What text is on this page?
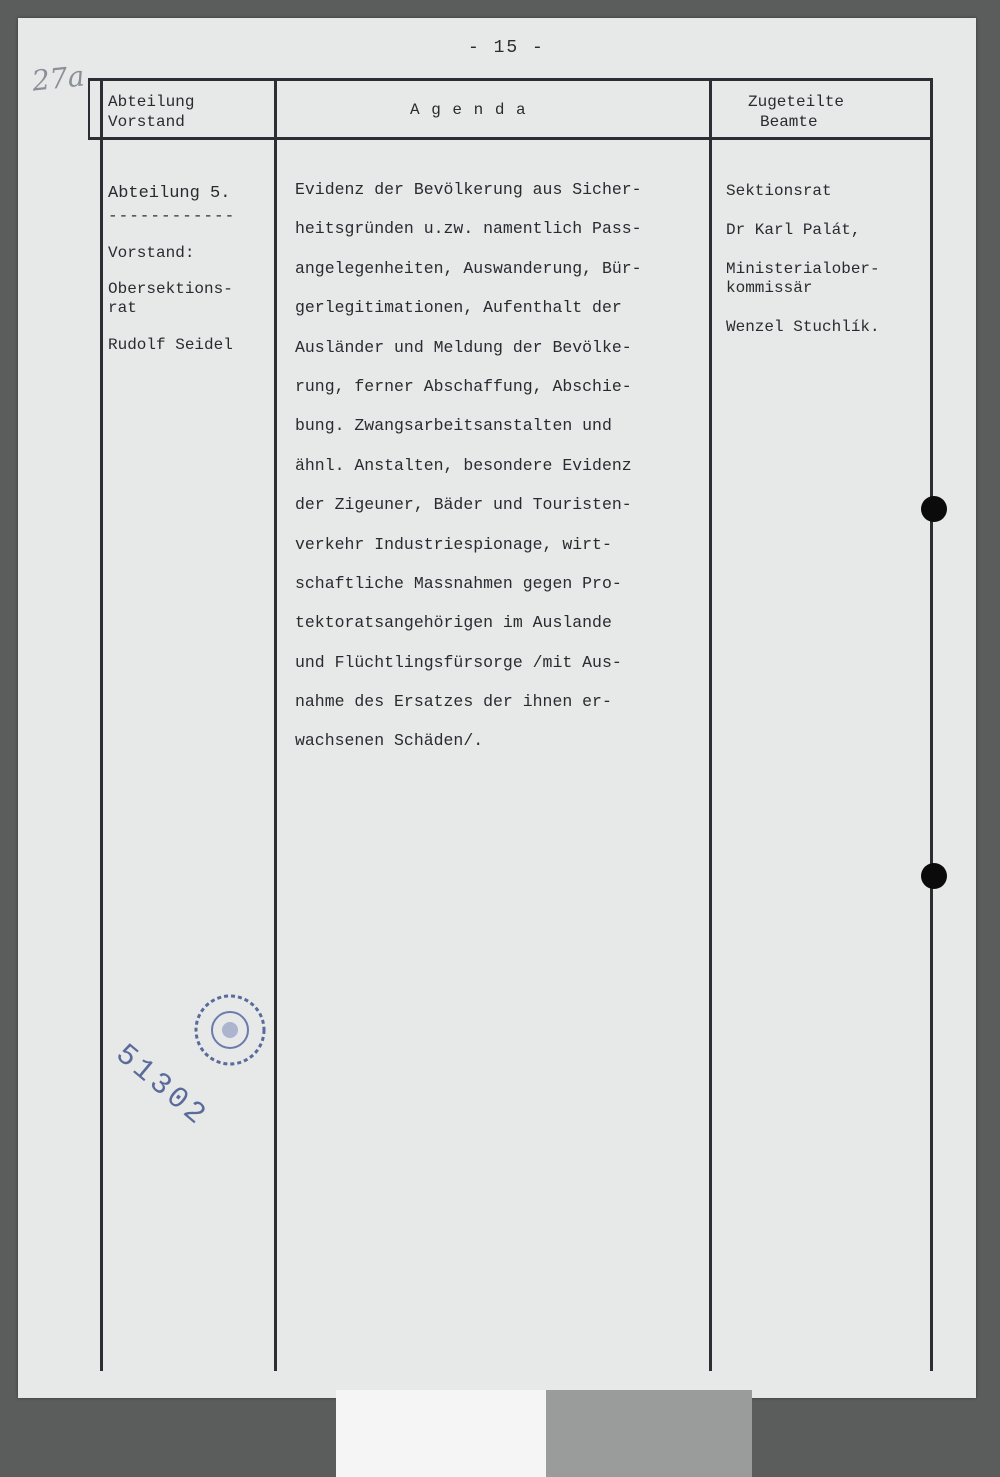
- 15 -
27a
Abteilung
Vorstand
A g e n d a	Zugeteilte
Beamte
Abteilung 5.
------------
Vorstand:
Obersektions-
rat
Rudolf Seidel
Evidenz der Bevölkerung aus Sicher-
heitsgründen u.zw. namentlich Pass-
angelegenheiten, Auswanderung, Bür-
gerlegitimationen, Aufenthalt der
Ausländer und Meldung der Bevölke-
rung, ferner Abschaffung, Abschie-
bung. Zwangsarbeitsanstalten und
ähnl. Anstalten, besondere Evidenz
der Zigeuner, Bäder und Touristen-
verkehr Industriespionage, wirt-
schaftliche Massnahmen gegen Pro-
tektoratsangehörigen im Auslande
und Flüchtlingsfürsorge /mit Aus-
nahme des Ersatzes der ihnen er-
wachsenen Schäden/.
Sektionsrat
Dr Karl Palát,
Ministerialober-
kommissär
Wenzel Stuchlík.
51302
